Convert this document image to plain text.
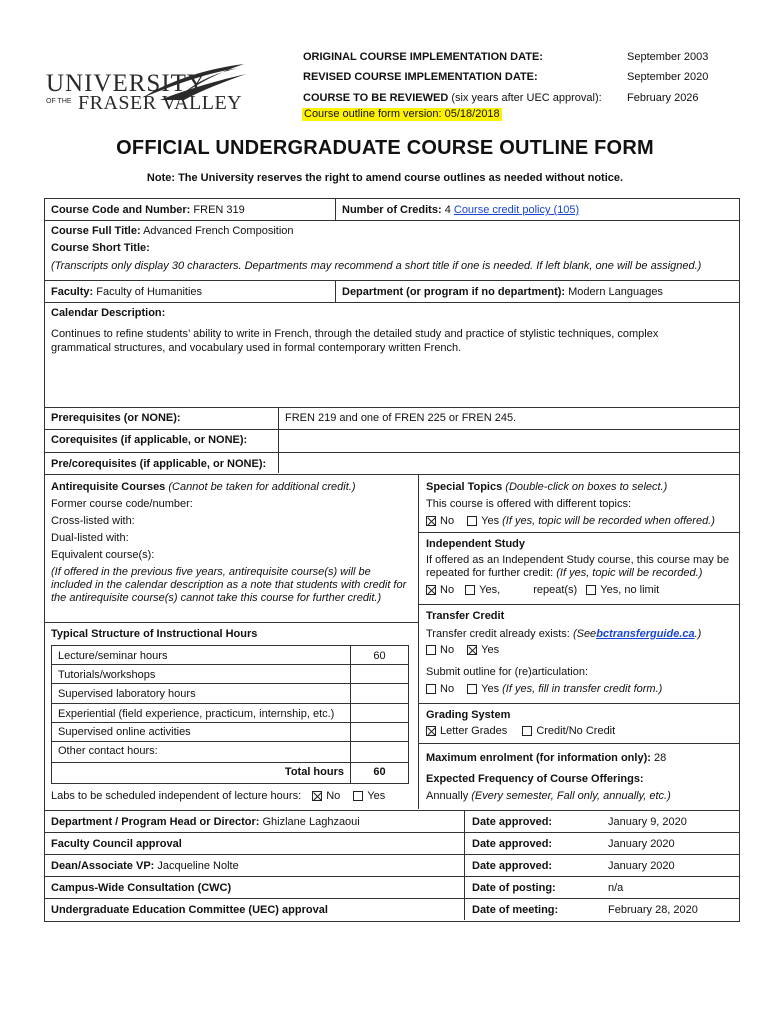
UNIVERSITY
OF THE FRASER VALLEY
ORIGINAL COURSE IMPLEMENTATION DATE:	September 2003
REVISED COURSE IMPLEMENTATION DATE:	September 2020
COURSE TO BE REVIEWED (six years after UEC approval): February 2026
Course outline form version: 05/18/2018
OFFICIAL UNDERGRADUATE COURSE OUTLINE FORM
Note: The University reserves the right to amend course outlines as needed without notice.
Course Code and Number: FREN 319	Number of Credits: 4 Course credit policy (105)
Course Full Title: Advanced French Composition
Course Short Title:
(Transcripts only display 30 characters. Departments may recommend a short title if one is needed. If left blank, one will be assigned.)
Faculty: Faculty of Humanities	Department (or program if no department): Modern Languages
Calendar Description:
Continues to refine students’ ability to write in French, through the detailed study and practice of stylistic techniques, complex grammatical structures, and vocabulary used in formal contemporary written French.
Prerequisites (or NONE):	FREN 219 and one of FREN 225 or FREN 245.
Corequisites (if applicable, or NONE):
Pre/corequisites (if applicable, or NONE):
Antirequisite Courses (Cannot be taken for additional credit.)
Former course code/number:
Cross-listed with:
Dual-listed with:
Equivalent course(s):
(If offered in the previous five years, antirequisite course(s) will be included in the calendar description as a note that students with credit for the antirequisite course(s) cannot take this course for further credit.)
Typical Structure of Instructional Hours
Lecture/seminar hours	60
Tutorials/workshops
Supervised laboratory hours
Experiential (field experience, practicum, internship, etc.)
Supervised online activities
Other contact hours:
Total hours	60
Labs to be scheduled independent of lecture hours: No Yes
Special Topics (Double-click on boxes to select.)
This course is offered with different topics:
No Yes (If yes, topic will be recorded when offered.)
Independent Study
If offered as an Independent Study course, this course may be repeated for further credit: (If yes, topic will be recorded.)
No Yes,	repeat(s) Yes, no limit
Transfer Credit
Transfer credit already exists: (Seebctransferguide.ca.)
No Yes
Submit outline for (re)articulation:
No Yes (If yes, fill in transfer credit form.)
Grading System
Letter Grades	Credit/No Credit
Maximum enrolment (for information only): 28
Expected Frequency of Course Offerings:
Annually (Every semester, Fall only, annually, etc.)
Department / Program Head or Director: Ghizlane Laghzaoui	Date approved:	January 9, 2020
Faculty Council approval	Date approved:	January 2020
Dean/Associate VP: Jacqueline Nolte	Date approved:	January 2020
Campus-Wide Consultation (CWC)	Date of posting:	n/a
Undergraduate Education Committee (UEC) approval	Date of meeting:	February 28, 2020
